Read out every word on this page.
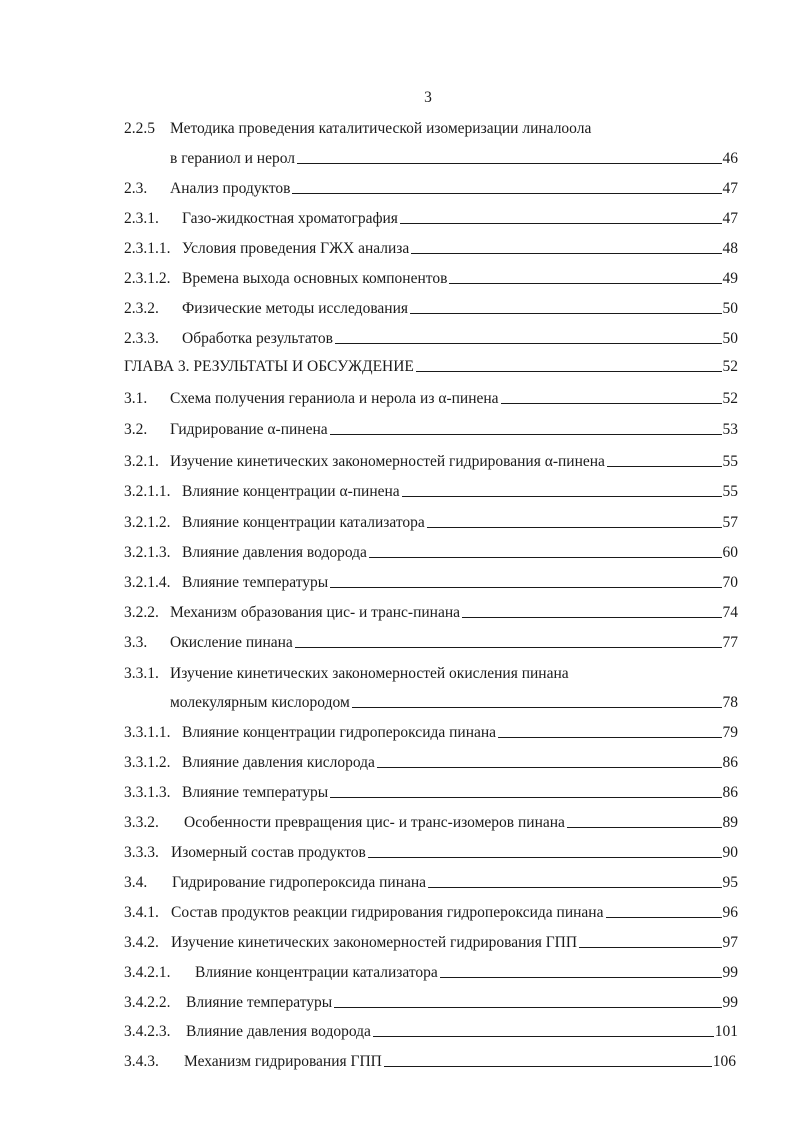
3
2.2.5 Методика проведения каталитической изомеризации линалоола
в гераниол и нерол	46
2.3.	Анализ продуктов	47
2.3.1.	Газо-жидкостная хроматография	47
2.3.1.1. Условия проведения ГЖХ анализа	48
2.3.1.2. Времена выхода основных компонентов	49
2.3.2.	Физические методы исследования	50
2.3.3.	Обработка результатов	50
ГЛАВА 3. РЕЗУЛЬТАТЫ И ОБСУЖДЕНИЕ	52
3.1.	Схема получения гераниола и нерола из α-пинена	52
3.2.	Гидрирование α-пинена	53
3.2.1. Изучение кинетических закономерностей гидрирования α-пинена	55
3.2.1.1. Влияние концентрации α-пинена	55
3.2.1.2. Влияние концентрации катализатора	57
3.2.1.3. Влияние давления водорода	60
3.2.1.4. Влияние температуры	70
3.2.2. Механизм образования цис- и транс-пинана	74
3.3.	Окисление пинана	77
3.3.1. Изучение кинетических закономерностей окисления пинана
молекулярным кислородом	78
3.3.1.1. Влияние концентрации гидропероксида пинана	79
3.3.1.2. Влияние давления кислорода	86
3.3.1.3. Влияние температуры	86
3.3.2.	Особенности превращения цис- и транс-изомеров пинана	89
3.3.3. Изомерный состав продуктов	90
3.4.	Гидрирование гидропероксида пинана	95
3.4.1. Состав продуктов реакции гидрирования гидропероксида пинана	96
3.4.2. Изучение кинетических закономерностей гидрирования ГПП	97
3.4.2.1.	Влияние концентрации катализатора	99
3.4.2.2.	Влияние температуры	99
3.4.2.3.	Влияние давления водорода	101
3.4.3.	Механизм гидрирования ГПП	106
